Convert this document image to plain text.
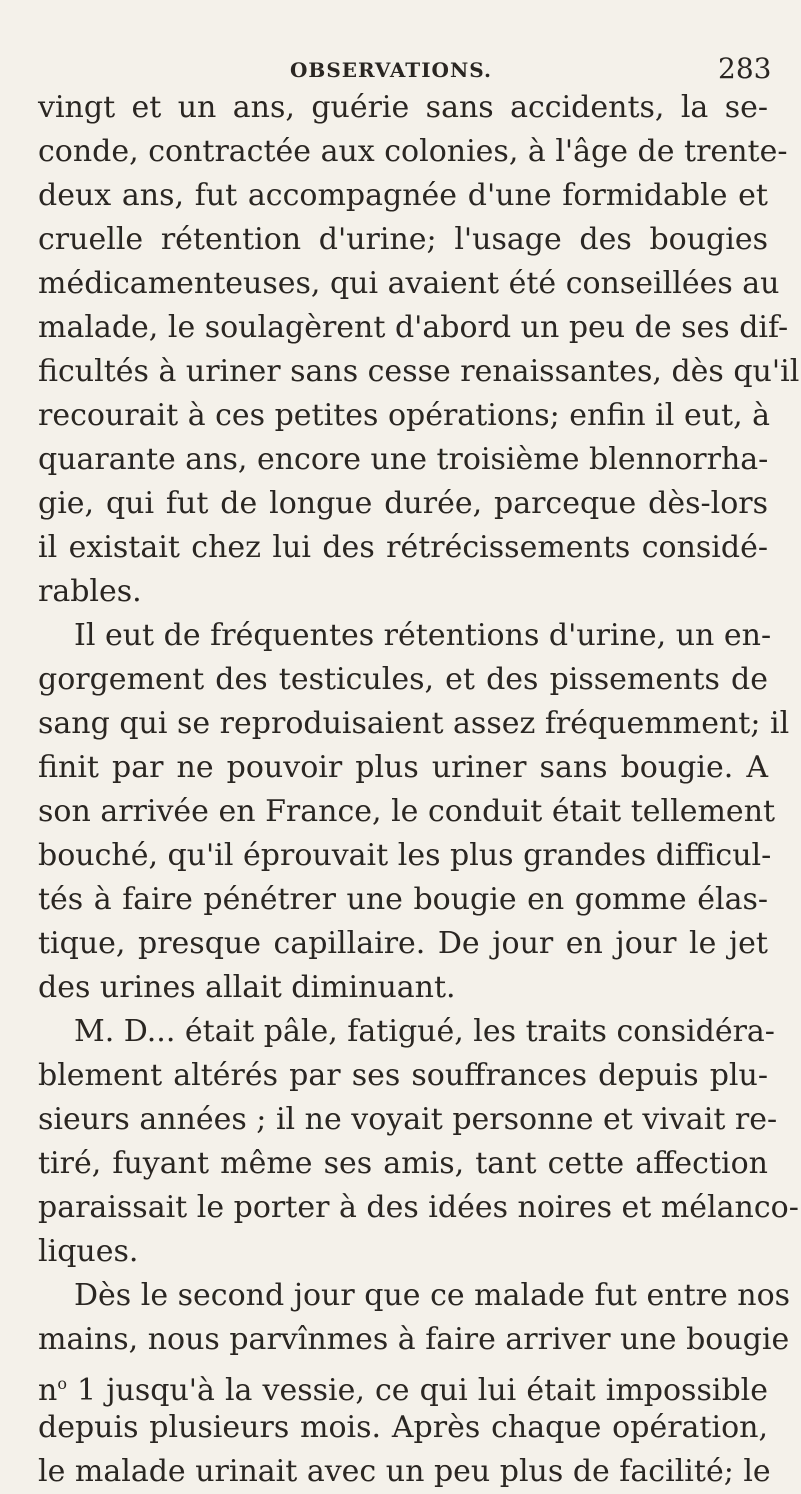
OBSERVATIONS.	283
vingt et un ans, guérie sans accidents, la se-
conde, contractée aux colonies, à l'âge de trente-
deux ans, fut accompagnée d'une formidable et
cruelle rétention d'urine; l'usage des bougies
médicamenteuses, qui avaient été conseillées au
malade, le soulagèrent d'abord un peu de ses dif-
ficultés à uriner sans cesse renaissantes, dès qu'il
recourait à ces petites opérations; enfin il eut, à
quarante ans, encore une troisième blennorrha-
gie, qui fut de longue durée, parceque dès-lors
il existait chez lui des rétrécissements considé-
rables.
Il eut de fréquentes rétentions d'urine, un en-
gorgement des testicules, et des pissements de
sang qui se reproduisaient assez fréquemment; il
finit par ne pouvoir plus uriner sans bougie. A
son arrivée en France, le conduit était tellement
bouché, qu'il éprouvait les plus grandes difficul-
tés à faire pénétrer une bougie en gomme élas-
tique, presque capillaire. De jour en jour le jet
des urines allait diminuant.
M. D... était pâle, fatigué, les traits considéra-
blement altérés par ses souffrances depuis plu-
sieurs années ; il ne voyait personne et vivait re-
tiré, fuyant même ses amis, tant cette affection
paraissait le porter à des idées noires et mélanco-
liques.
Dès le second jour que ce malade fut entre nos
mains, nous parvînmes à faire arriver une bougie
$n^o$ 1 jusqu'à la vessie, ce qui lui était impossible
depuis plusieurs mois. Après chaque opération,
le malade urinait avec un peu plus de facilité; le
